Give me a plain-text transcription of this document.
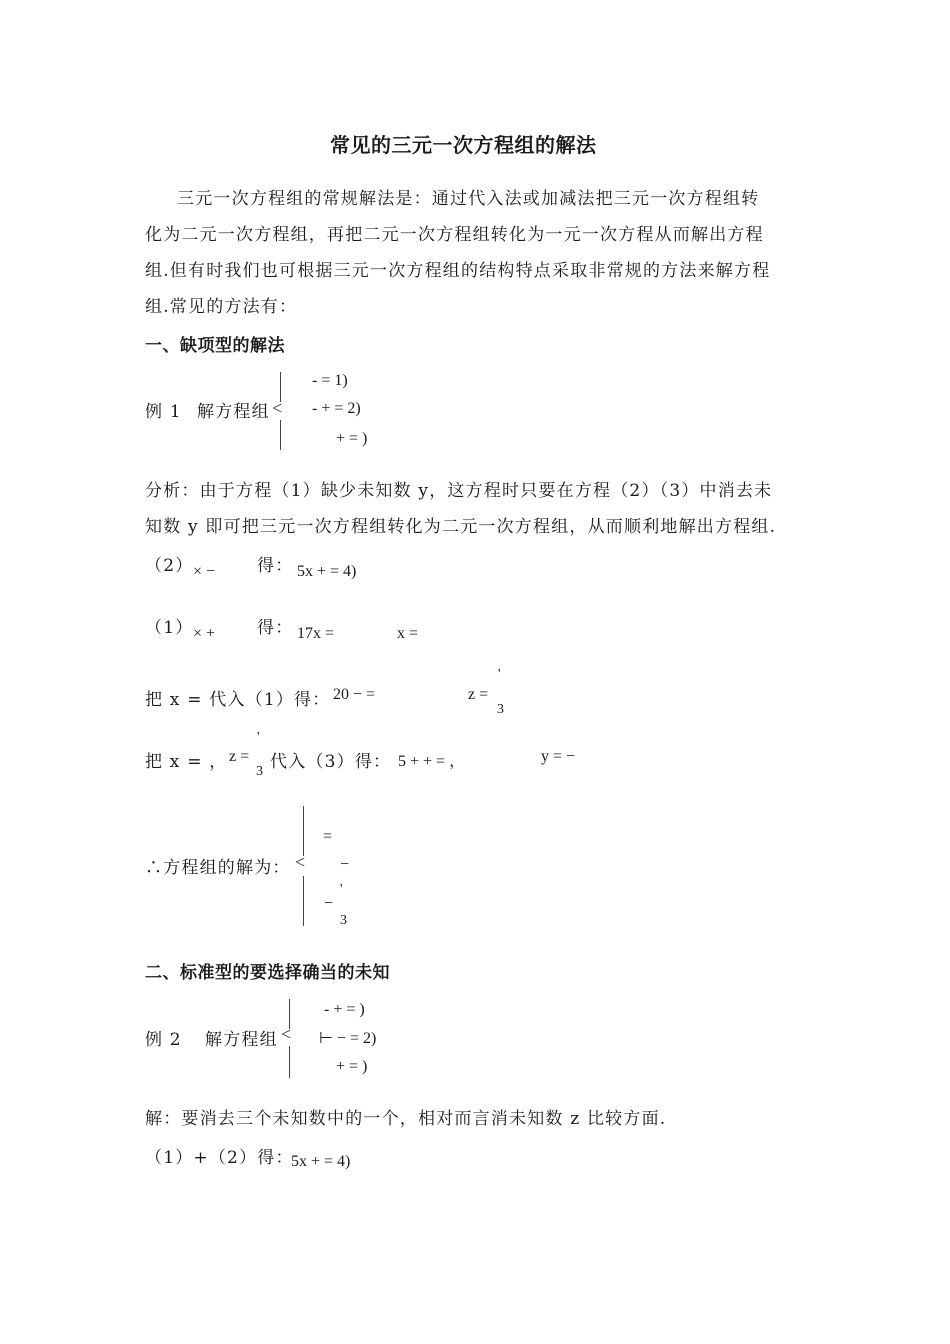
常见的三元一次方程组的解法
三元一次方程组的常规解法是：通过代入法或加减法把三元一次方程组转
化为二元一次方程组，再把二元一次方程组转化为一元一次方程从而解出方程
组.但有时我们也可根据三元一次方程组的结构特点采取非常规的方法来解方程
组.常见的方法有：
一、缺项型的解法
例 1 解方程组 <
- = 1)
- + = 2)
+ = )
分析：由于方程（1）缺少未知数 y，这方程时只要在方程（2）（3）中消去未
知数 y 即可把三元一次方程组转化为二元一次方程组，从而顺利地解出方程组.
（2） × − 得： 5x + = 4)
（1） × + 得： 17x =	x =
把 x = 代入（1）得： 20 − =	z =
'
3
把 x = ， z =
'
3 代入（3）得： 5 + + = ，	y = −
∴方程组的解为： <
=
−
'
−
3
二、标准型的要选择确当的未知
例 2 解方程组 <
- + = )
⊢ − = 2)
+ = )
解：要消去三个未知数中的一个，相对而言消未知数 z 比较方面.
（1）+（2）得：
5x + = 4)
